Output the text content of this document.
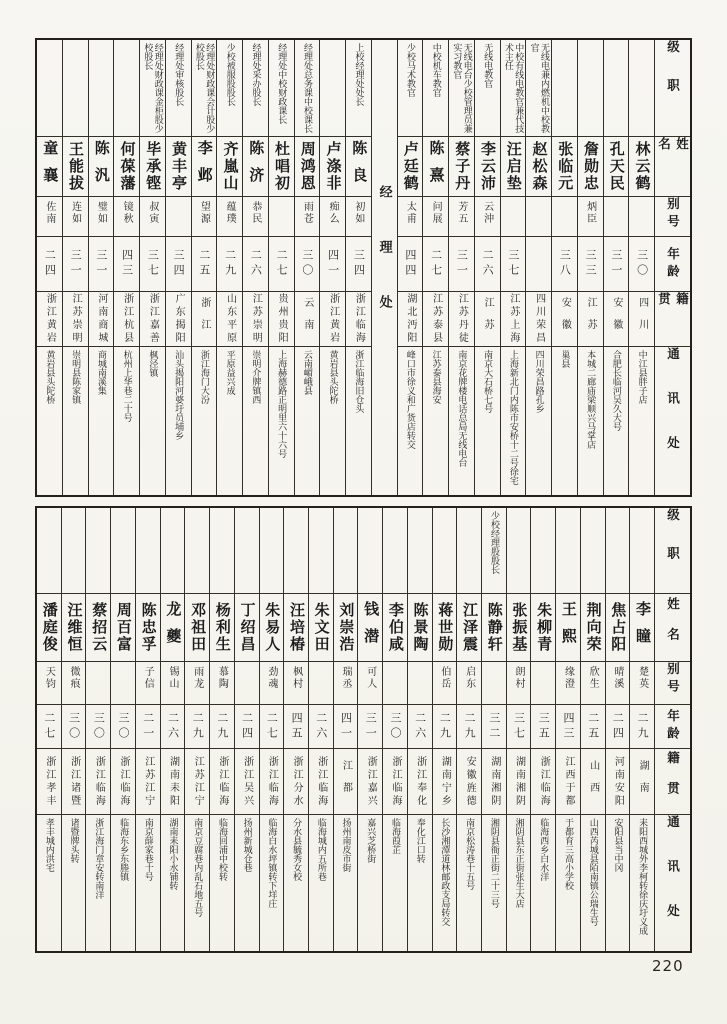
级职
姓名
别号
年龄
籍贯
通讯处
林云鹤
三〇
四川
中江县胖子店
孔天民
三一
安徽
合肥长临河吴久大号
詹勋忠
炳臣
三三
江苏
本城二廊庙梁顺兴马掌店
张临元
三八
安徽
巢县
无线电兼内燃机中校教官
赵松森
四川荣昌
四川荣昌路孔乡
中校有线电教官兼代技术主任
汪启垫
三七
江苏上海
上海新北门内陈市安桥十二号徐宅
无线电教官
李云沛
云沖
二六
江苏
南京大石桥七号
无线电台少校管理员兼实习教官
蔡子丹
芳五
三一
江苏丹徒
南京花牌楼电话总局无线电台
中校机车教官
陈熹
问展
二七
江苏泰县
江苏泰县海安
少校马术教官
卢廷鹤
太甫
四四
湖北沔阳
峰口市徐义和广货店转交
经理处
上校经理处处长
陈良
初如
三四
浙江临海
浙江临海旧仓头
卢涤非
痴么
四一
浙江黄岩
黄岩县头陀桥
经理处总务课中校课长
周鸿恩
雨苍
三〇
云南
云南嵋峨县
经理处中校财政课长
杜唱初
二七
贵州贵阳
上海赫德路正明里六十六号
经理处采办股长
陈济
恭民
二六
江苏崇明
崇明介牌镇西
少校被服股股长
齐嵐山
蕴璞
二九
山东平原
平原益兴成
经理处财政课会计股少校股长
李邺
望源
二五
浙江
浙江海门大汾
经理处审核股长
黄丰亭
三四
广东揭阳
汕头揭阳河婆圩员埔乡
经理处财政课金柜股少校股长
毕承铿
叔寅
三七
浙江嘉善
枫泾镇
何葆藩
镜秋
四三
浙江杭县
杭州上华巷二十号
陈汎
璧如
三一
河南商城
商城南溪集
王能拔
连如
三一
江苏崇明
崇明县陈家镇
童襄
佐南
二四
浙江黄岩
黄岩县头陀桥
级职
姓名
别号
年龄
籍贯
通讯处
李瞳
楚英
二九
湖南
耒阳西城外李柯转徐庆圩义成
焦占阳
晴溪
二四
河南安阳
安阳县当中冈
荆向荣
欣生
二五
山西
山西芮城县陌南镇公瑞生号
王熙
缘澄
四三
江西于都
于都育三高小学校
朱柳青
三五
浙江临海
临海西乡白水洋
张振基
朗村
三七
湖南湘阴
湘阴县东正街张生大店
少校经理股股长
陈静轩
三二
湖南湘阴
湘阴县衙正街二十三号
江泽震
启东
二九
安徽旌德
南京松涛巷十五号
蒋世勋
伯岳
二九
湖南宁乡
长沙湘潭道林邮政支局转交
陈景陶
二六
浙江奉化
奉化江口转
李伯咸
三〇
浙江临海
临海葭芷
钱潜
可人
三一
浙江嘉兴
嘉兴芝桥街
刘崇浩
瑞丞
四一
江都
扬州南皮市街
朱文田
二六
浙江临海
临海城内五所巷
汪培椿
枫村
四五
浙江分水
分水县毓秀女校
朱易人
劲魂
二七
浙江临海
临海白水坪镇转下垟庄
丁绍昌
二四
浙江吴兴
扬州新城仓巷
杨利生
慕陶
二九
浙江临海
临海回浦中校转
邓祖田
雨龙
二九
江苏江宁
南京豆腐巷内乱石地五号
龙夔
锡山
二六
湖南耒阳
湖南耒阳小水铺转
陈忠孚
子信
二一
江苏江宁
南京薛家巷十号
周百富
三〇
浙江临海
临海东乡东塍镇
蔡招云
三〇
浙江临海
浙江海门章安转南洋
汪维恒
微痕
三〇
浙江诸暨
诸暨牌头转
潘庭俊
天钧
二七
浙江孝丰
孝丰城内洪宅
220
